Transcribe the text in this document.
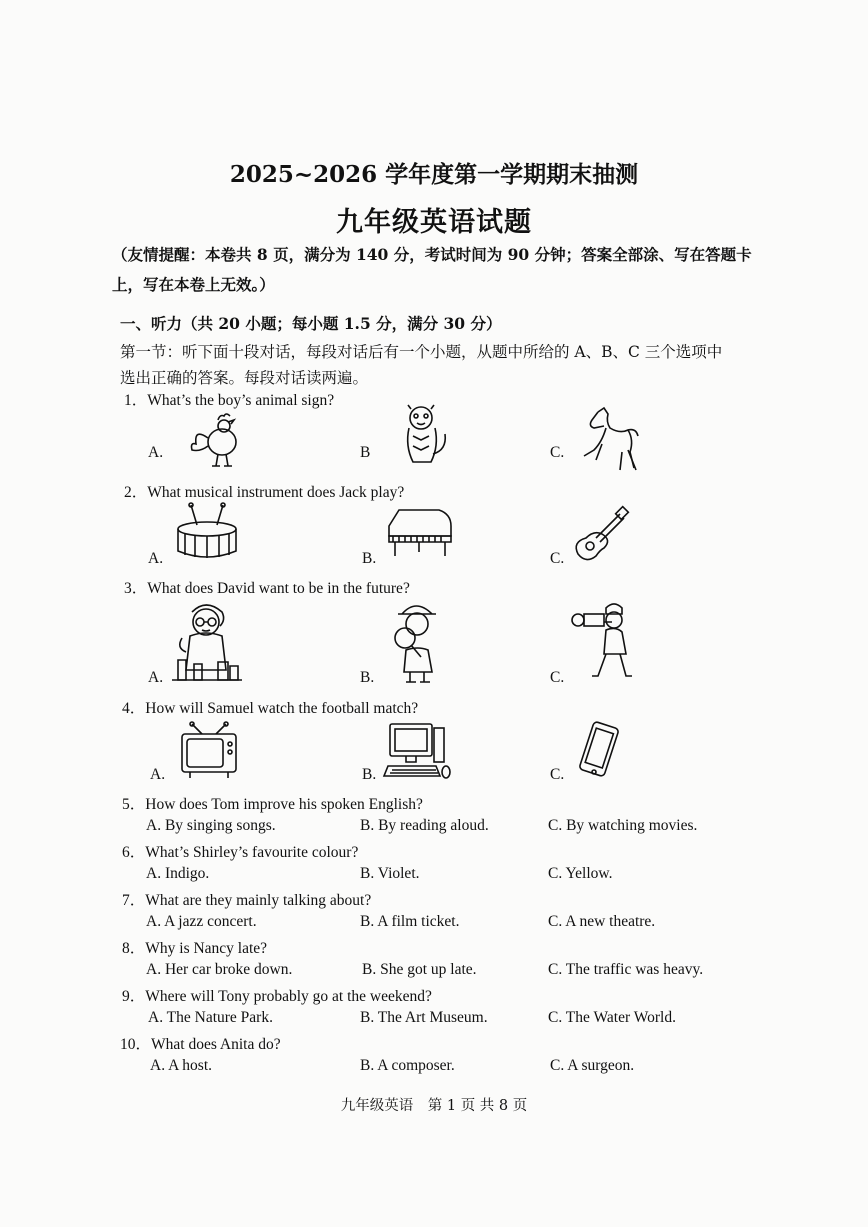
2025~2026 学年度第一学期期末抽测
九年级英语试题
（友情提醒：本卷共 8 页，满分为 140 分，考试时间为 90 分钟；答案全部涂、写在答题卡上，写在本卷上无效。）
一、听力（共 20 小题；每小题 1.5 分，满分 30 分）
第一节：听下面十段对话，每段对话后有一个小题，从题中所给的 A、B、C 三个选项中
选出正确的答案。每段对话读两遍。
1．What’s the boy’s animal sign?
A.	B	C.
2．What musical instrument does Jack play?
A.	B.	C.
3．What does David want to be in the future?
A.	B.	C.
4．How will Samuel watch the football match?
A.	B.	C.
5．How does Tom improve his spoken English?
A. By singing songs.	B. By reading aloud.	C. By watching movies.
6．What’s Shirley’s favourite colour?
A. Indigo.	B. Violet.	C. Yellow.
7．What are they mainly talking about?
A. A jazz concert.	B. A film ticket.	C. A new theatre.
8．Why is Nancy late?
A. Her car broke down.	B. She got up late.	C. The traffic was heavy.
9．Where will Tony probably go at the weekend?
A. The Nature Park.	B. The Art Museum.	C. The Water World.
10．What does Anita do?
A. A host.	B. A composer.	C. A surgeon.
九年级英语　第 1 页 共 8 页
